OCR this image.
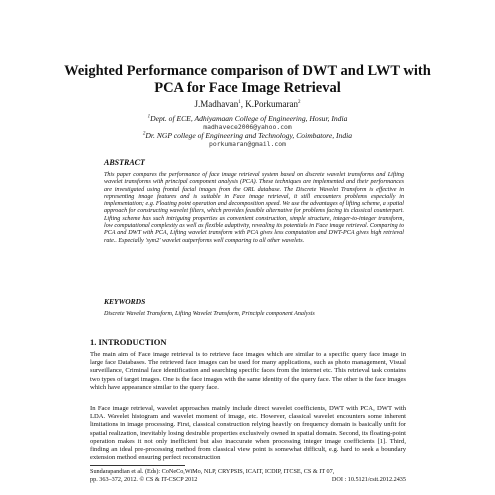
Weighted Performance comparison of DWT and LWT with PCA for Face Image Retrieval
J.Madhavan$^1$, K.Porkumaran$^2$
$^1$Dept. of ECE, Adhiyamaan College of Engineering, Hosur, India
madhavece2006@yahoo.com
$^2$Dr. NGP college of Engineering and Technology, Coimbatore, India
porkumaran@gmail.com
ABSTRACT

This paper compares the performance of face image retrieval system based on discrete wavelet transforms and Lifting wavelet transforms with principal component analysis (PCA). These techniques are implemented and their performances are investigated using frontal facial images from the ORL database. The Discrete Wavelet Transform is effective in representing image features and is suitable in Face image retrieval, it still encounters problems especially in implementation; e.g. Floating point operation and decomposition speed. We use the advantages of lifting scheme, a spatial approach for constructing wavelet filters, which provides feasible alternative for problems facing its classical counterpart. Lifting scheme has such intriguing properties as convenient construction, simple structure, integer-to-integer transform, low computational complexity as well as flexible adaptivity, revealing its potentials in Face image retrieval. Comparing to PCA and DWT with PCA, Lifting wavelet transform with PCA gives less computation and DWT-PCA gives high retrieval rate.. Especially 'sym2' wavelet outperforms well comparing to all other wavelets.

KEYWORDS

Discrete Wavelet Transform, Lifting Wavelet Transform, Principle component Analysis

1. INTRODUCTION

The main aim of Face image retrieval is to retrieve face images which are similar to a specific query face image in large face Databases. The retrieved face images can be used for many applications, such as photo management, Visual surveillance, Criminal face identification and searching specific faces from the internet etc. This retrieval task contains two types of target images. One is the face images with the same identity of the query face. The other is the face images which have appearance similar to the query face.

In Face image retrieval, wavelet approaches mainly include direct wavelet coefficients, DWT with PCA, DWT with LDA. Wavelet histogram and wavelet moment of image, etc. However, classical wavelet encounters some inherent limitations in image processing. First, classical construction relying heavily on frequency domain is basically unfit for spatial realization, inevitably losing desirable properties exclusively owned in spatial domain. Second, its floating-point operation makes it not only inefficient but also inaccurate when processing integer image coefficients [1]. Third, finding an ideal pre-processing method from classical view point is somewhat difficult, e.g. hard to seek a boundary extension method ensuring perfect reconstruction

Sundarapandian et al. (Eds): CoNeCo,WiMo, NLP, CRYPSIS, ICAIT, ICDIP, ITCSE, CS & IT 07,
pp. 363–372, 2012. © CS & IT-CSCP 2012	DOI : 10.5121/csit.2012.2435
